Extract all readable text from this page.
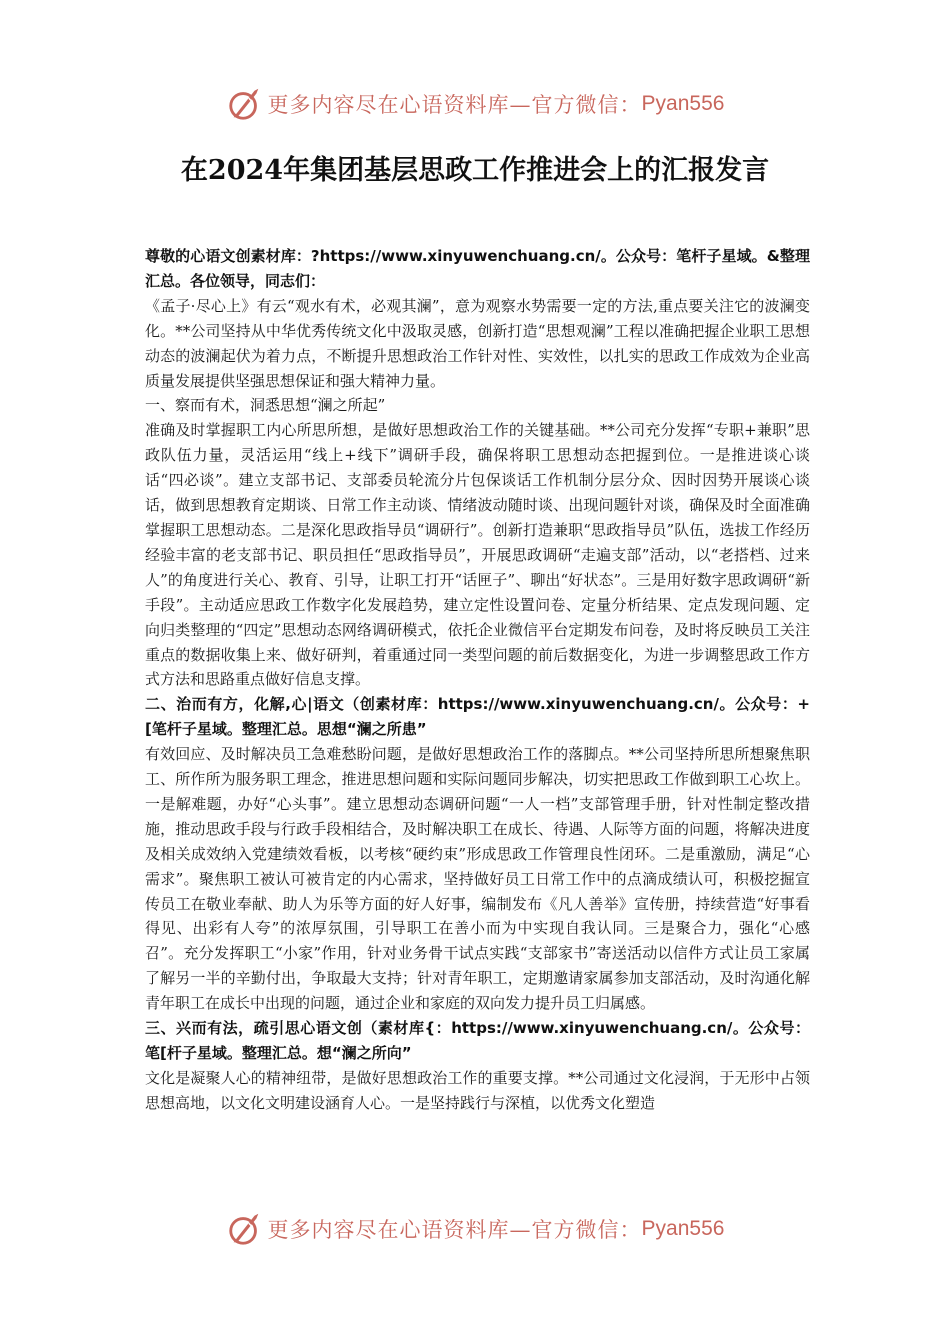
更多内容尽在心语资料库—官方微信： Pyan556
在2024年集团基层思政工作推进会上的汇报发言

尊敬的心语文创素材库：?https://www.xinyuwenchuang.cn/。公众号：笔杆子星域。&整理汇总。各位领导，同志们：

《孟子·尽心上》有云“观水有术，必观其澜”，意为观察水势需要一定的方法,重点要关注它的波澜变化。**公司坚持从中华优秀传统文化中汲取灵感，创新打造“思想观澜”工程以准确把握企业职工思想动态的波澜起伏为着力点，不断提升思想政治工作针对性、实效性，以扎实的思政工作成效为企业高质量发展提供坚强思想保证和强大精神力量。

一、察而有术，洞悉思想“澜之所起”

准确及时掌握职工内心所思所想，是做好思想政治工作的关键基础。**公司充分发挥“专职+兼职”思政队伍力量，灵活运用“线上+线下”调研手段，确保将职工思想动态把握到位。一是推进谈心谈话“四必谈”。建立支部书记、支部委员轮流分片包保谈话工作机制分层分众、因时因势开展谈心谈话，做到思想教育定期谈、日常工作主动谈、情绪波动随时谈、出现问题针对谈，确保及时全面准确掌握职工思想动态。二是深化思政指导员“调研行”。创新打造兼职“思政指导员”队伍，选拔工作经历经验丰富的老支部书记、职员担任“思政指导员”，开展思政调研“走遍支部”活动，以“老搭档、过来人”的角度进行关心、教育、引导，让职工打开“话匣子”、聊出“好状态”。三是用好数字思政调研“新手段”。主动适应思政工作数字化发展趋势，建立定性设置问卷、定量分析结果、定点发现问题、定向归类整理的“四定”思想动态网络调研模式，依托企业微信平台定期发布问卷，及时将反映员工关注重点的数据收集上来、做好研判，着重通过同一类型问题的前后数据变化，为进一步调整思政工作方式方法和思路重点做好信息支撑。

二、治而有方，化解,心|语文（创素材库：https://www.xinyuwenchuang.cn/。公众号：+[笔杆子星域。整理汇总。思想“澜之所患”

有效回应、及时解决员工急难愁盼问题，是做好思想政治工作的落脚点。**公司坚持所思所想聚焦职工、所作所为服务职工理念，推进思想问题和实际问题同步解决，切实把思政工作做到职工心坎上。一是解难题，办好“心头事”。建立思想动态调研问题“一人一档”支部管理手册，针对性制定整改措施，推动思政手段与行政手段相结合，及时解决职工在成长、待遇、人际等方面的问题，将解决进度及相关成效纳入党建绩效看板，以考核“硬约束”形成思政工作管理良性闭环。二是重激励，满足“心需求”。聚焦职工被认可被肯定的内心需求，坚持做好员工日常工作中的点滴成绩认可，积极挖掘宣传员工在敬业奉献、助人为乐等方面的好人好事，编制发布《凡人善举》宣传册，持续营造“好事看得见、出彩有人夸”的浓厚氛围，引导职工在善小而为中实现自我认同。三是聚合力，强化“心感召”。充分发挥职工“小家”作用，针对业务骨干试点实践“支部家书”寄送活动以信件方式让员工家属了解另一半的辛勤付出，争取最大支持；针对青年职工，定期邀请家属参加支部活动，及时沟通化解青年职工在成长中出现的问题，通过企业和家庭的双向发力提升员工归属感。

三、兴而有法，疏引思心语文创（素材库{：https://www.xinyuwenchuang.cn/。公众号：笔[杆子星域。整理汇总。想“澜之所向”

文化是凝聚人心的精神纽带，是做好思想政治工作的重要支撑。**公司通过文化浸润，于无形中占领思想高地，以文化文明建设涵育人心。一是坚持践行与深植，以优秀文化塑造

更多内容尽在心语资料库—官方微信： Pyan556
